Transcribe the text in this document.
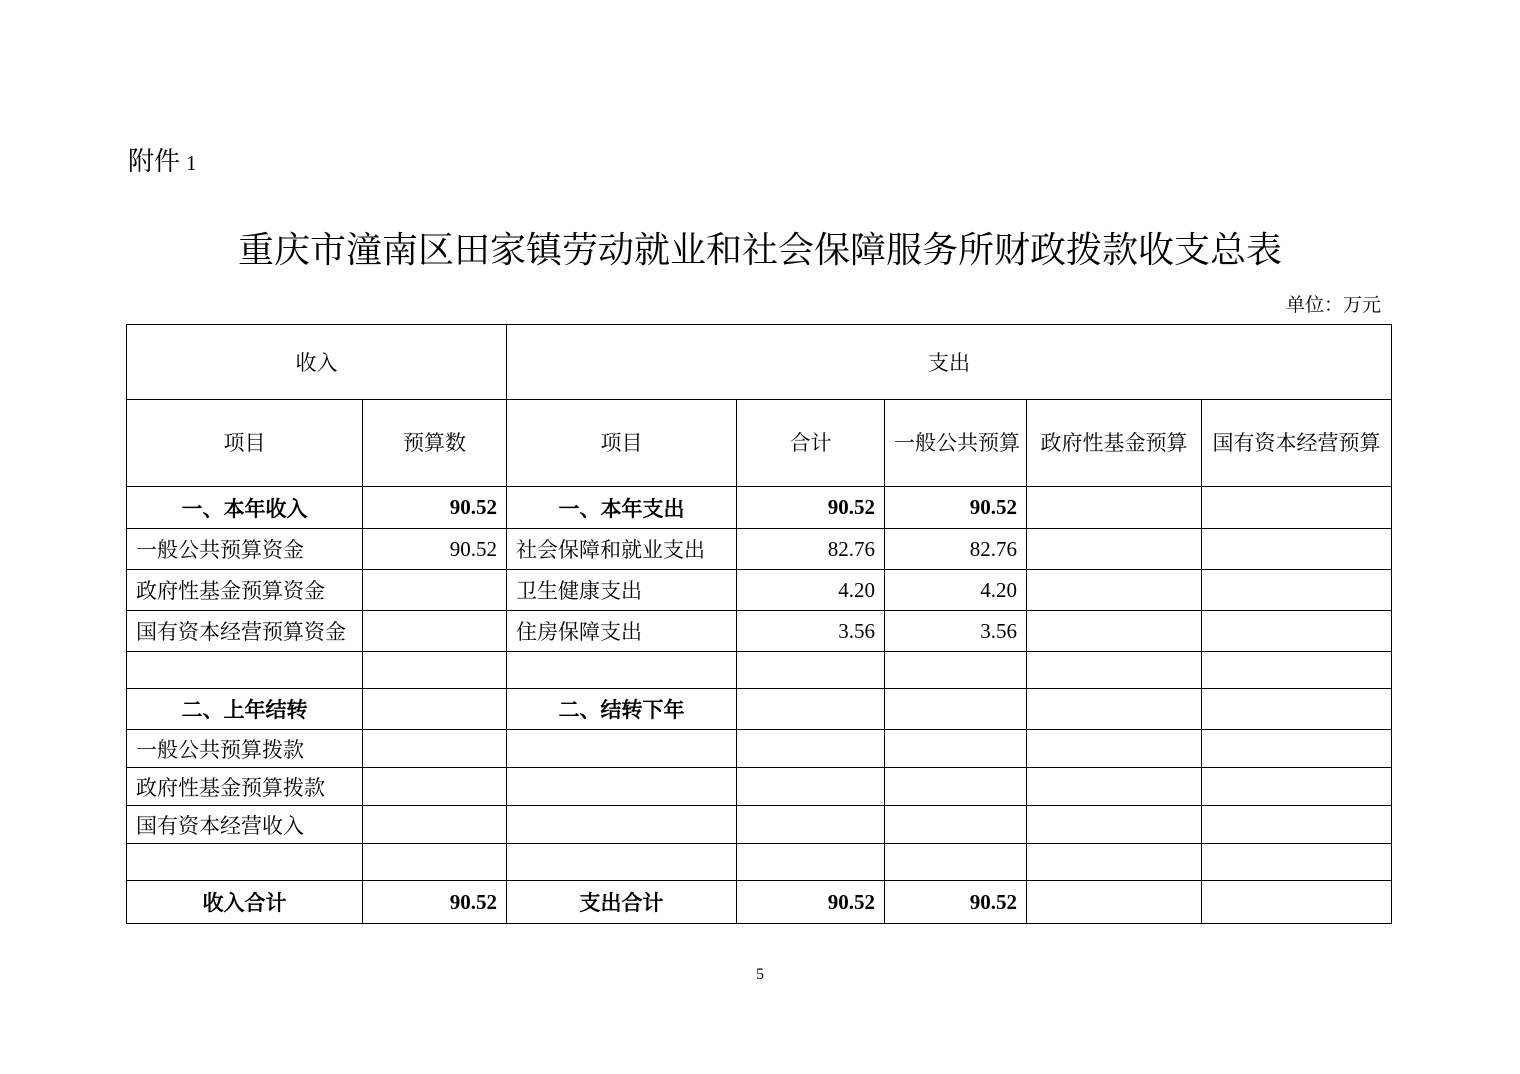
附件 1
重庆市潼南区田家镇劳动就业和社会保障服务所财政拨款收支总表
单位：万元
收入		支出				
项目	预算数	项目	合计	一般公共预算	政府性基金预算	国有资本经营预算
一、本年收入	90.52	一、本年支出	90.52	90.52		
一般公共预算资金	90.52	社会保障和就业支出	82.76	82.76		
政府性基金预算资金		卫生健康支出	4.20	4.20		
国有资本经营预算资金		住房保障支出	3.56	3.56		

二、上年结转		二、结转下年				
一般公共预算拨款						
政府性基金预算拨款						
国有资本经营收入						

收入合计	90.52	支出合计	90.52	90.52		
5
